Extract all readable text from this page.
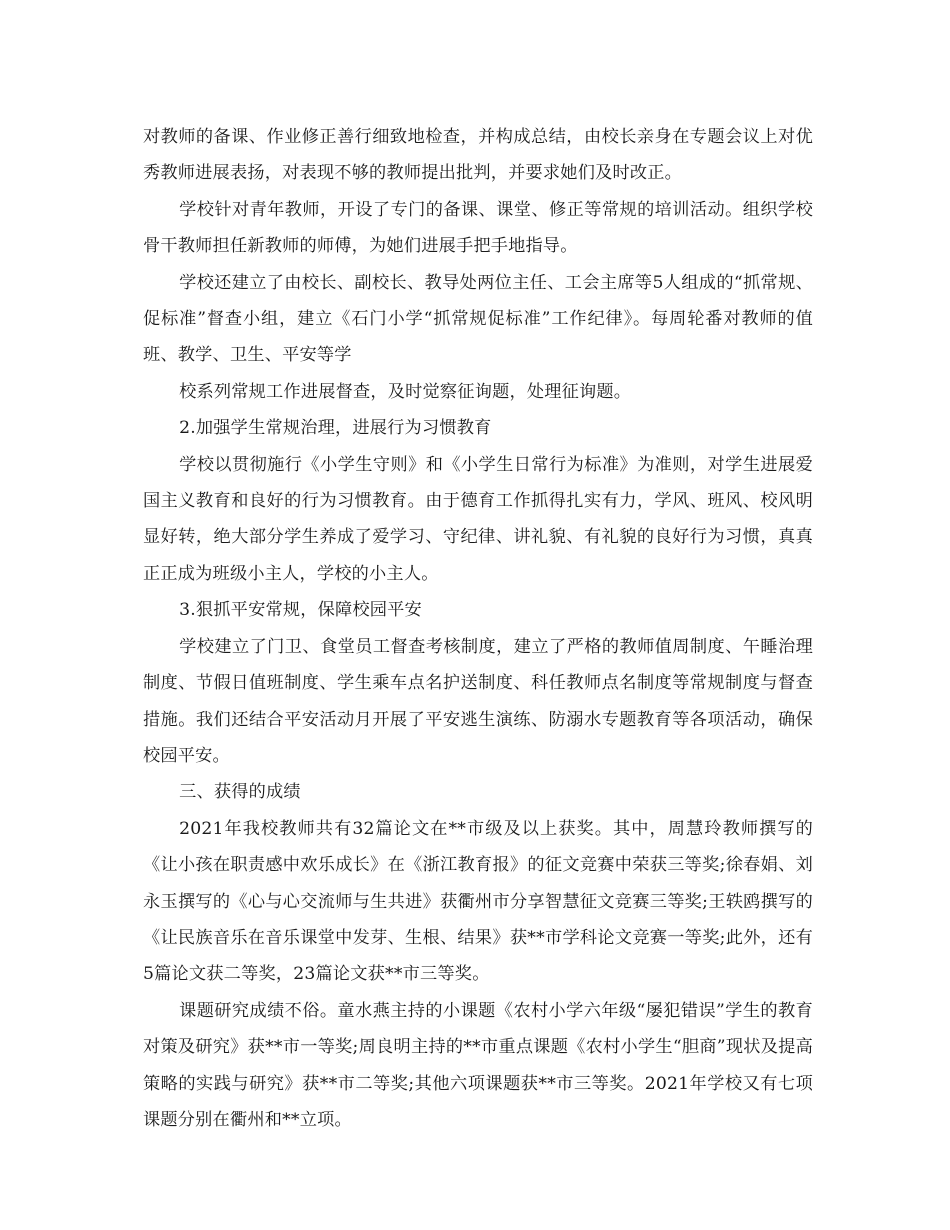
对教师的备课、作业修正善行细致地检查，并构成总结，由校长亲身在专题会议上对优秀教师进展表扬，对表现不够的教师提出批判，并要求她们及时改正。

学校针对青年教师，开设了专门的备课、课堂、修正等常规的培训活动。组织学校骨干教师担任新教师的师傅，为她们进展手把手地指导。

学校还建立了由校长、副校长、教导处两位主任、工会主席等5人组成的“抓常规、促标准”督查小组，建立《石门小学“抓常规促标准”工作纪律》。每周轮番对教师的值班、教学、卫生、平安等学

校系列常规工作进展督查，及时觉察征询题，处理征询题。

2.加强学生常规治理，进展行为习惯教育

学校以贯彻施行《小学生守则》和《小学生日常行为标准》为准则，对学生进展爱国主义教育和良好的行为习惯教育。由于德育工作抓得扎实有力，学风、班风、校风明显好转，绝大部分学生养成了爱学习、守纪律、讲礼貌、有礼貌的良好行为习惯，真真正正成为班级小主人，学校的小主人。

3.狠抓平安常规，保障校园平安

学校建立了门卫、食堂员工督查考核制度，建立了严格的教师值周制度、午睡治理制度、节假日值班制度、学生乘车点名护送制度、科任教师点名制度等常规制度与督查措施。我们还结合平安活动月开展了平安逃生演练、防溺水专题教育等各项活动，确保校园平安。

三、获得的成绩

2021年我校教师共有32篇论文在**市级及以上获奖。其中，周慧玲教师撰写的《让小孩在职责感中欢乐成长》在《浙江教育报》的征文竞赛中荣获三等奖;徐春娟、刘永玉撰写的《心与心交流师与生共进》获衢州市分享智慧征文竞赛三等奖;王轶鸥撰写的《让民族音乐在音乐课堂中发芽、生根、结果》获**市学科论文竞赛一等奖;此外，还有5篇论文获二等奖，23篇论文获**市三等奖。

课题研究成绩不俗。童水燕主持的小课题《农村小学六年级“屡犯错误”学生的教育对策及研究》获**市一等奖;周良明主持的**市重点课题《农村小学生“胆商”现状及提高策略的实践与研究》获**市二等奖;其他六项课题获**市三等奖。2021年学校又有七项课题分别在衢州和**立项。
